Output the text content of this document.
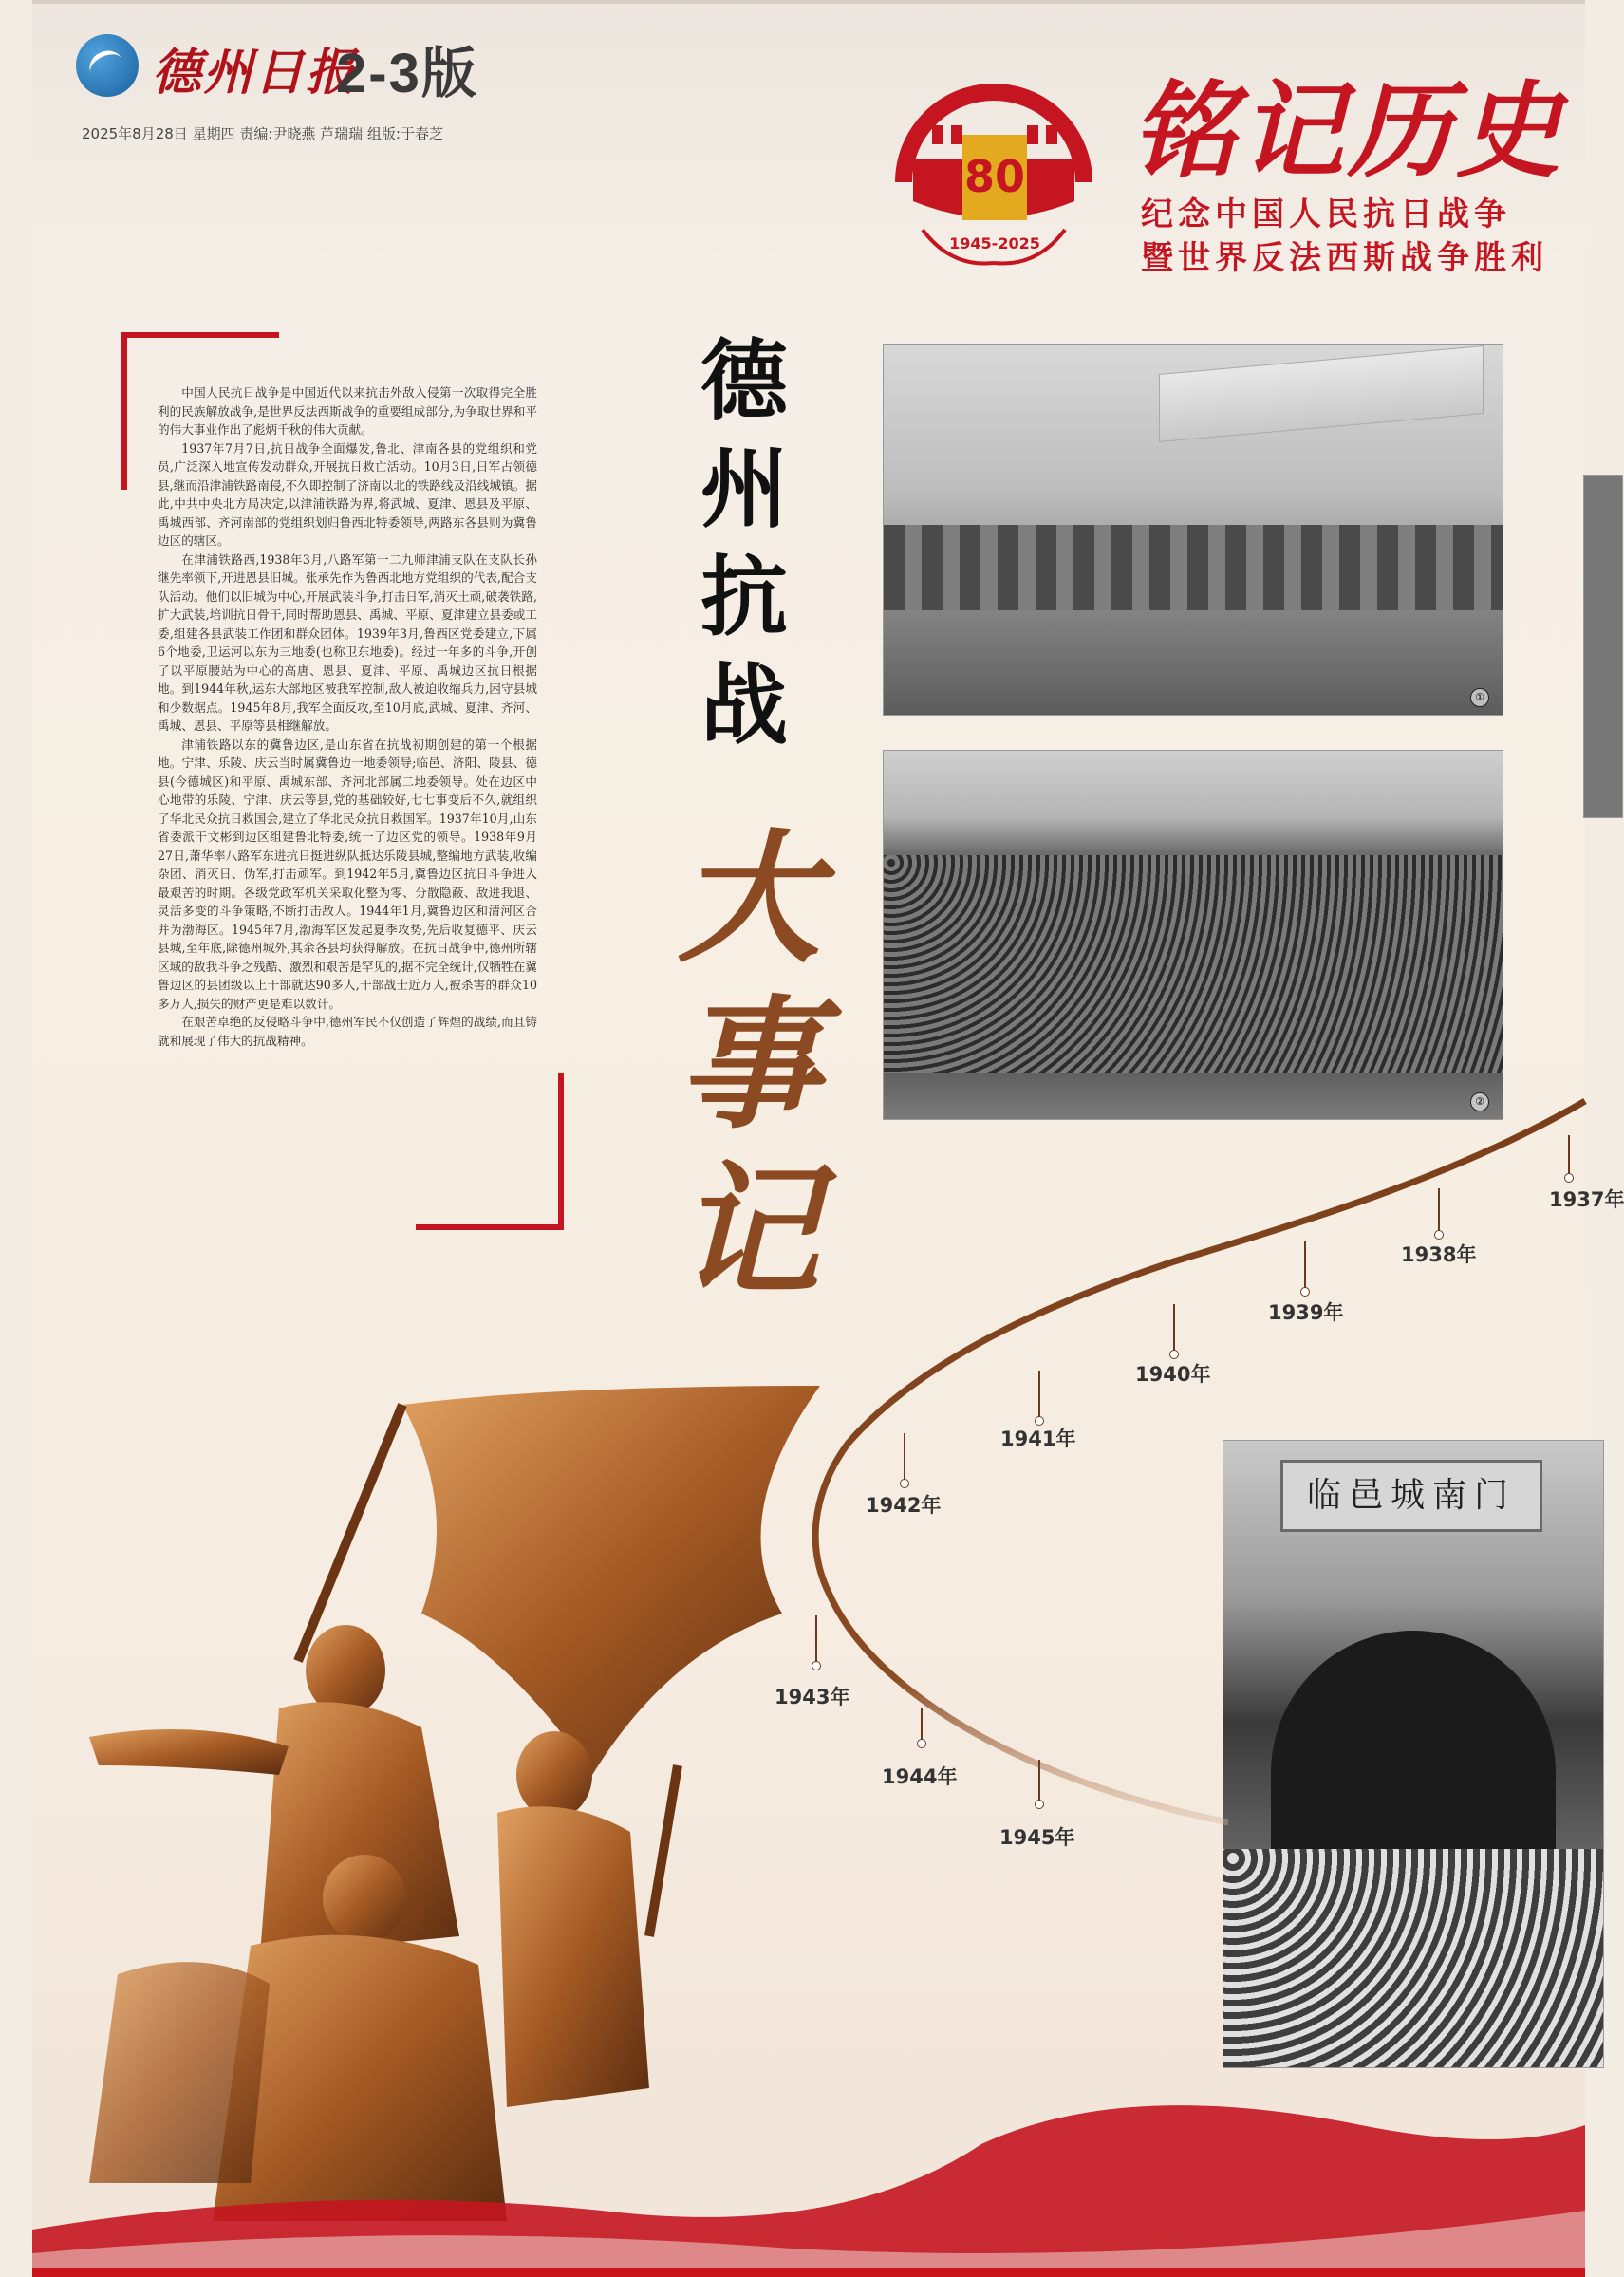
德州日报
2-3版
2025年8月28日 星期四 责编:尹晓燕 芦瑞瑞 组版:于春芝
80
1945-2025
铭记历史
纪念中国人民抗日战争
暨世界反法西斯战争胜利

中国人民抗日战争是中国近代以来抗击外敌入侵第一次取得完全胜利的民族解放战争,是世界反法西斯战争的重要组成部分,为争取世界和平的伟大事业作出了彪炳千秋的伟大贡献。

1937年7月7日,抗日战争全面爆发,鲁北、津南各县的党组织和党员,广泛深入地宣传发动群众,开展抗日救亡活动。10月3日,日军占领德县,继而沿津浦铁路南侵,不久即控制了济南以北的铁路线及沿线城镇。据此,中共中央北方局决定,以津浦铁路为界,将武城、夏津、恩县及平原、禹城西部、齐河南部的党组织划归鲁西北特委领导,两路东各县则为冀鲁边区的辖区。

在津浦铁路西,1938年3月,八路军第一二九师津浦支队在支队长孙继先率领下,开进恩县旧城。张承先作为鲁西北地方党组织的代表,配合支队活动。他们以旧城为中心,开展武装斗争,打击日军,消灭土顽,破袭铁路,扩大武装,培训抗日骨干,同时帮助恩县、禹城、平原、夏津建立县委或工委,组建各县武装工作团和群众团体。1939年3月,鲁西区党委建立,下属6个地委,卫运河以东为三地委(也称卫东地委)。经过一年多的斗争,开创了以平原腰站为中心的高唐、恩县、夏津、平原、禹城边区抗日根据地。到1944年秋,运东大部地区被我军控制,敌人被迫收缩兵力,困守县城和少数据点。1945年8月,我军全面反攻,至10月底,武城、夏津、齐河、禹城、恩县、平原等县相继解放。

津浦铁路以东的冀鲁边区,是山东省在抗战初期创建的第一个根据地。宁津、乐陵、庆云当时属冀鲁边一地委领导;临邑、济阳、陵县、德县(今德城区)和平原、禹城东部、齐河北部属二地委领导。处在边区中心地带的乐陵、宁津、庆云等县,党的基础较好,七七事变后不久,就组织了华北民众抗日救国会,建立了华北民众抗日救国军。1937年10月,山东省委派干文彬到边区组建鲁北特委,统一了边区党的领导。1938年9月27日,萧华率八路军东进抗日挺进纵队抵达乐陵县城,整编地方武装,收编杂团、消灭日、伪军,打击顽军。到1942年5月,冀鲁边区抗日斗争进入最艰苦的时期。各级党政军机关采取化整为零、分散隐蔽、敌进我退、灵活多变的斗争策略,不断打击敌人。1944年1月,冀鲁边区和清河区合并为渤海区。1945年7月,渤海军区发起夏季攻势,先后收复德平、庆云县城,至年底,除德州城外,其余各县均获得解放。在抗日战争中,德州所辖区域的敌我斗争之残酷、激烈和艰苦是罕见的,据不完全统计,仅牺牲在冀鲁边区的县团级以上干部就达90多人,干部战士近万人,被杀害的群众10多万人,损失的财产更是难以数计。

在艰苦卓绝的反侵略斗争中,德州军民不仅创造了辉煌的战绩,而且铸就和展现了伟大的抗战精神。

德
州
抗
战
大
事
记
①
②
临邑城南门
1937年
1938年
1939年
1940年
1941年
1942年
1943年
1944年
1945年
